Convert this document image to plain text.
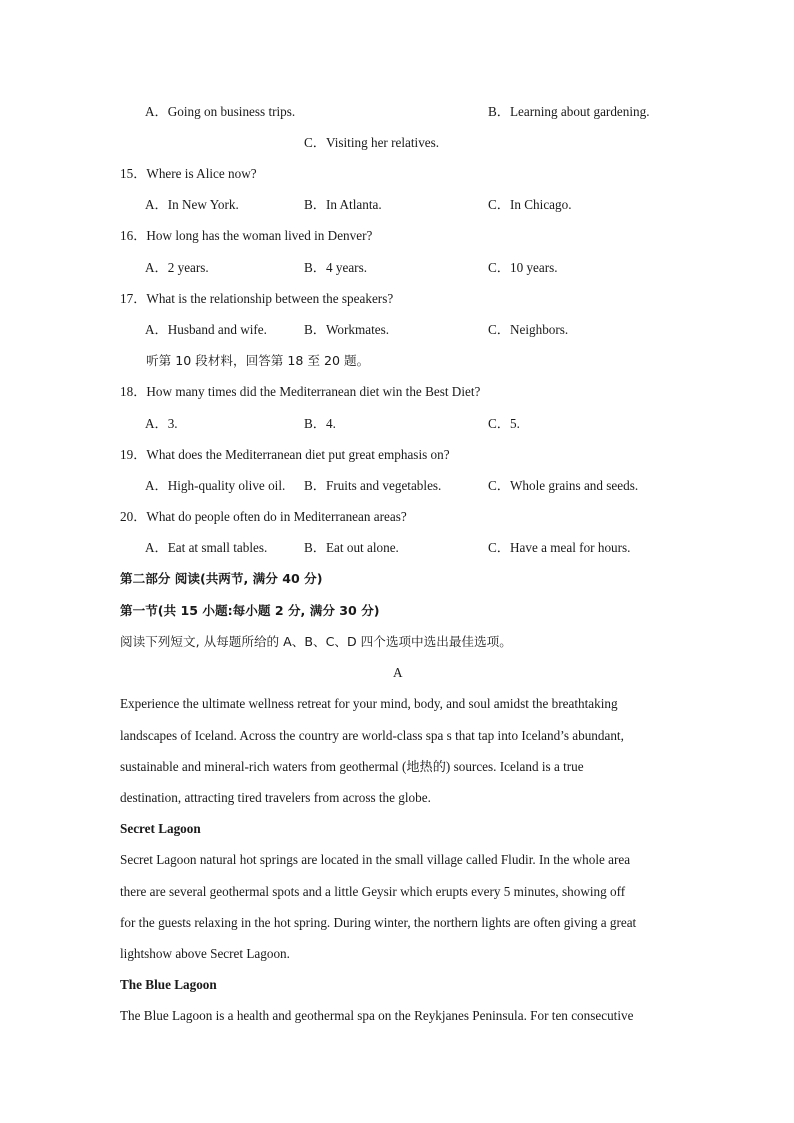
A．Going on business trips.	B．Learning about gardening.
C．Visiting her relatives.
15．Where is Alice now?
A．In New York.	B．In Atlanta.	C．In Chicago.
16．How long has the woman lived in Denver?
A．2 years.	B．4 years.	C．10 years.
17．What is the relationship between the speakers?
A．Husband and wife.	B．Workmates.	C．Neighbors.
听第 10 段材料，回答第 18 至 20 题。
18．How many times did the Mediterranean diet win the Best Diet?
A．3.	B．4.	C．5.
19．What does the Mediterranean diet put great emphasis on?
A．High-quality olive oil. B．Fruits and vegetables.	C．Whole grains and seeds.
20．What do people often do in Mediterranean areas?
A．Eat at small tables.	B．Eat out alone.	C．Have a meal for hours.
第二部分 阅读(共两节, 满分 40 分)
第一节(共 15 小题:每小题 2 分, 满分 30 分)
阅读下列短文, 从每题所给的 A、B、C、D 四个选项中选出最佳选项。
A
Experience the ultimate wellness retreat for your mind, body, and soul amidst the breathtaking
landscapes of Iceland. Across the country are world-class spa s that tap into Iceland’s abundant,
sustainable and mineral-rich waters from geothermal (地热的) sources. Iceland is a true
destination, attracting tired travelers from across the globe.
Secret Lagoon
Secret Lagoon natural hot springs are located in the small village called Fludir. In the whole area
there are several geothermal spots and a little Geysir which erupts every 5 minutes, showing off
for the guests relaxing in the hot spring. During winter, the northern lights are often giving a great
lightshow above Secret Lagoon.
The Blue Lagoon
The Blue Lagoon is a health and geothermal spa on the Reykjanes Peninsula. For ten consecutive
